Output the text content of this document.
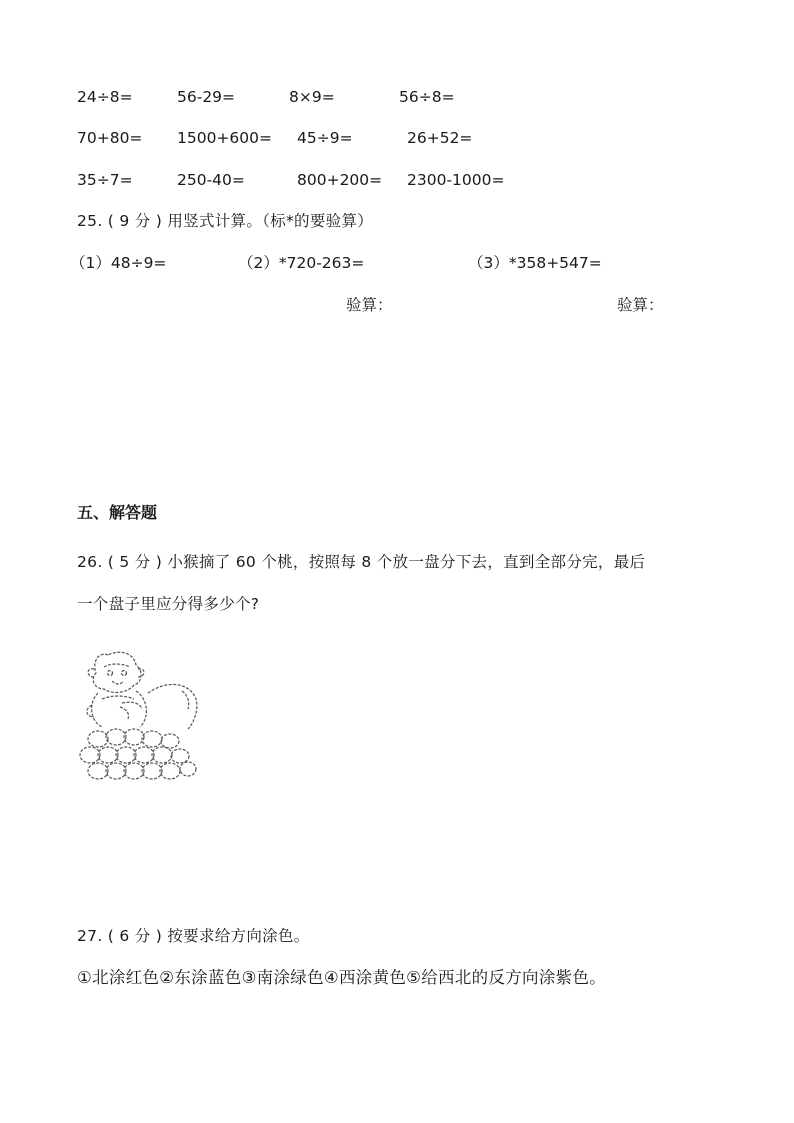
24÷8=	56-29=	8×9=	56÷8=
70+80= 1500+600= 45÷9=	26+52=
35÷7=	250-40=	800+200= 2300-1000=
25. ( 9 分 ) 用竖式计算。（标*的要验算）
（1）48÷9=	（2）*720-263=	（3）*358+547=
验算：	验算：
五、解答题
26. ( 5 分 ) 小猴摘了 60 个桃，按照每 8 个放一盘分下去，直到全部分完，最后
一个盘子里应分得多少个?
27. ( 6 分 ) 按要求给方向涂色。
①北涂红色②东涂蓝色③南涂绿色④西涂黄色⑤给西北的反方向涂紫色。
